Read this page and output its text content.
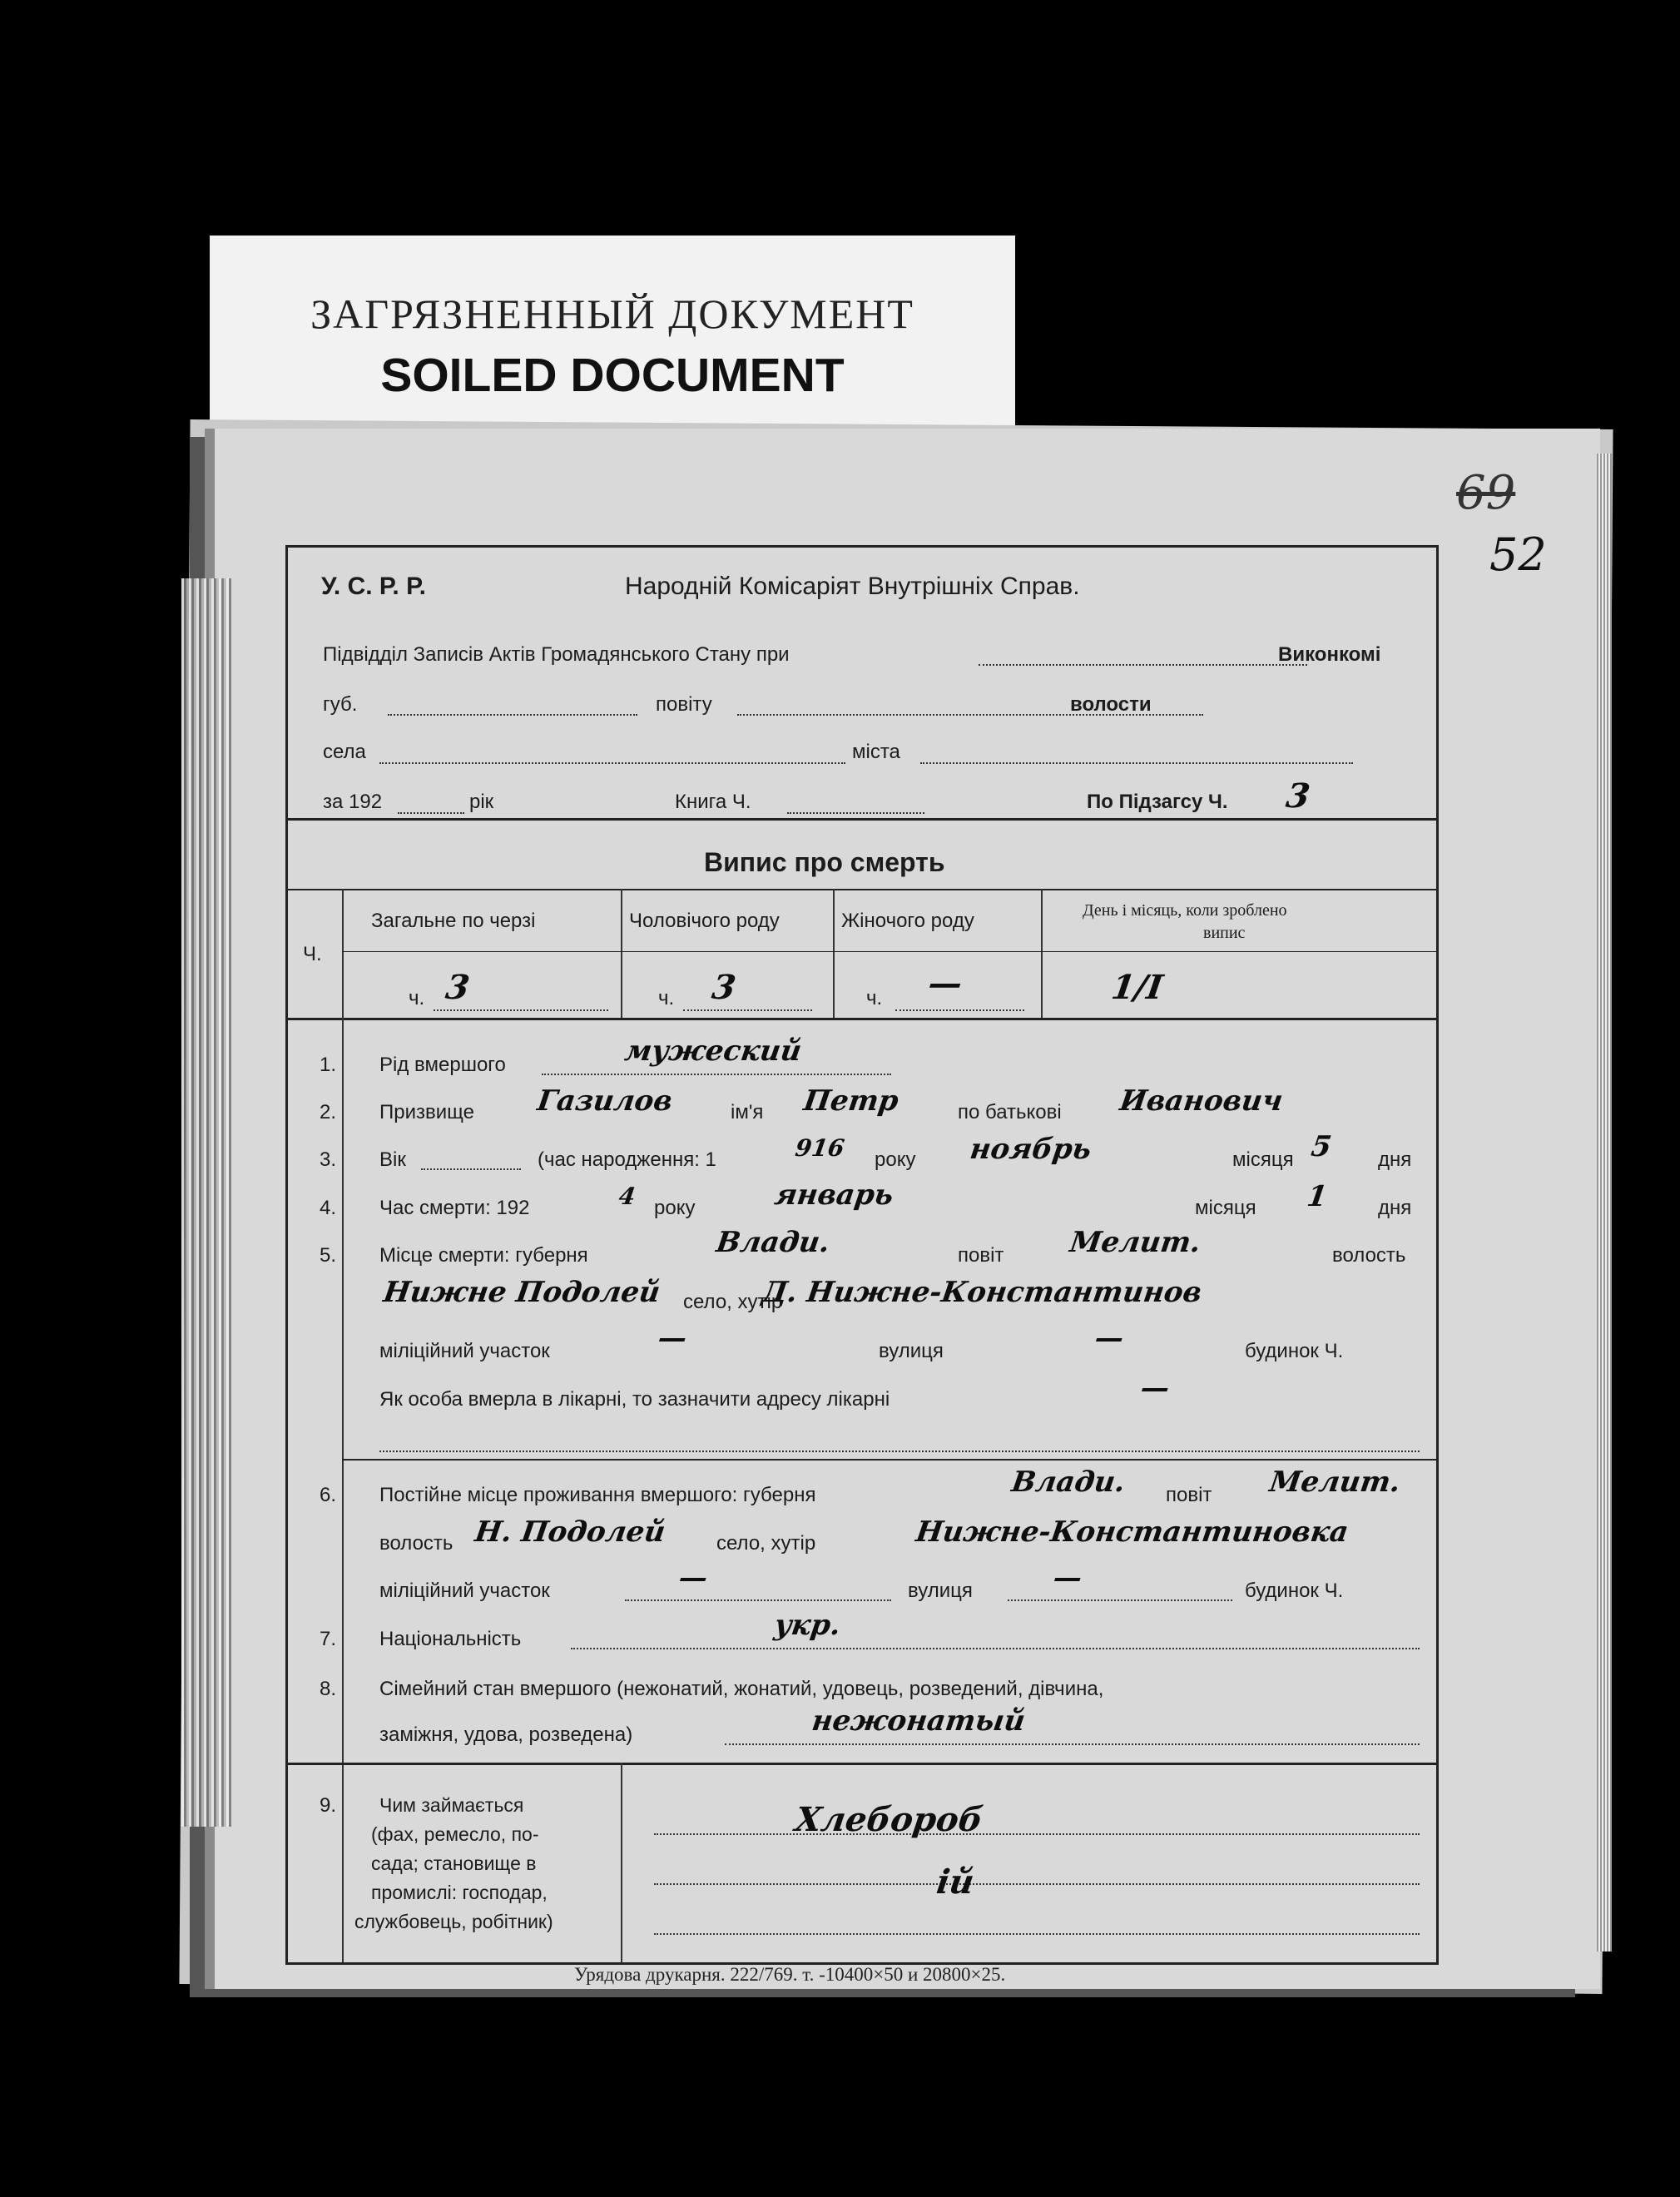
ЗАГРЯЗНЕННЫЙ ДОКУМЕНТ
SOILED DOCUMENT
69
52
У. С. Р. Р.	Народній Комісаріят Внутрішніх Справ.
Підвідділ Записів Актів Громадянського Стану при	Виконкомі
губ.	повіту	волости
села	міста
за 192	рік	Книга Ч.	По Підзагсу Ч. 3
Випис про смерть
Ч.
Загальне по черзі	Чоловічого роду	Жіночого роду	День і місяць, коли зроблено
випис
ч. 3	ч. 3	ч. —	1/I
1. Рід вмершого	мужеский
2. Призвище Газилов	ім'я Петр	по батькові Иванович
3. Вік	(час народження: 1	916 року ноябрь	місяця 5 дня
4. Час смерти: 192	4 року	январь	місяця 1 дня
5. Місце смерти: губерня	Влади.	повіт Мелит.	волость
Нижне Подолей село, хутір
Д. Нижне-Константинов
міліційний участок	—	вулиця	—	будинок Ч.
Як особа вмерла в лікарні, то зазначити адресу лікарні	—
6. Постійне місце проживання вмершого: губерня	Влади. повіт Мелит.
волость Н. Подолей село, хутір	Нижне-Константиновка
міліційний участок	—	вулиця	—	будинок Ч.
7. Національність	укр.
8. Сімейний стан вмершого (нежонатий, жонатий, удовець, розведений, дівчина,
заміжня, удова, розведена)	нежонатый
9. Чим займається
(фах, ремесло, по-
сада; становище в
промислі: господар,
службовець, робітник)
Хлебороб
ій
Урядова друкарня. 222/769. т. -10400×50 и 20800×25.
